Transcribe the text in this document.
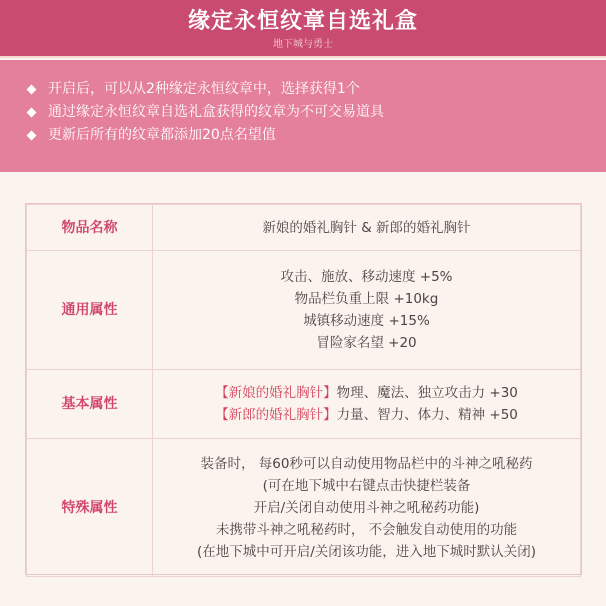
缘定永恒纹章自选礼盒
地下城与勇士
开启后，可以从2种缘定永恒纹章中，选择获得1个
通过缘定永恒纹章自选礼盒获得的纹章为不可交易道具
更新后所有的纹章都添加20点名望值
物品名称	新娘的婚礼胸针 & 新郎的婚礼胸针

通用属性	攻击、施放、移动速度 +5%
物品栏负重上限 +10kg
城镇移动速度 +15%
冒险家名望 +20

基本属性	【新娘的婚礼胸针】物理、魔法、独立攻击力 +30
【新郎的婚礼胸针】力量、智力、体力、精神 +50

特殊属性	装备时， 每60秒可以自动使用物品栏中的斗神之吼秘药
(可在地下城中右键点击快捷栏装备
开启/关闭自动使用斗神之吼秘药功能)
未携带斗神之吼秘药时， 不会触发自动使用的功能
(在地下城中可开启/关闭该功能，进入地下城时默认关闭)
